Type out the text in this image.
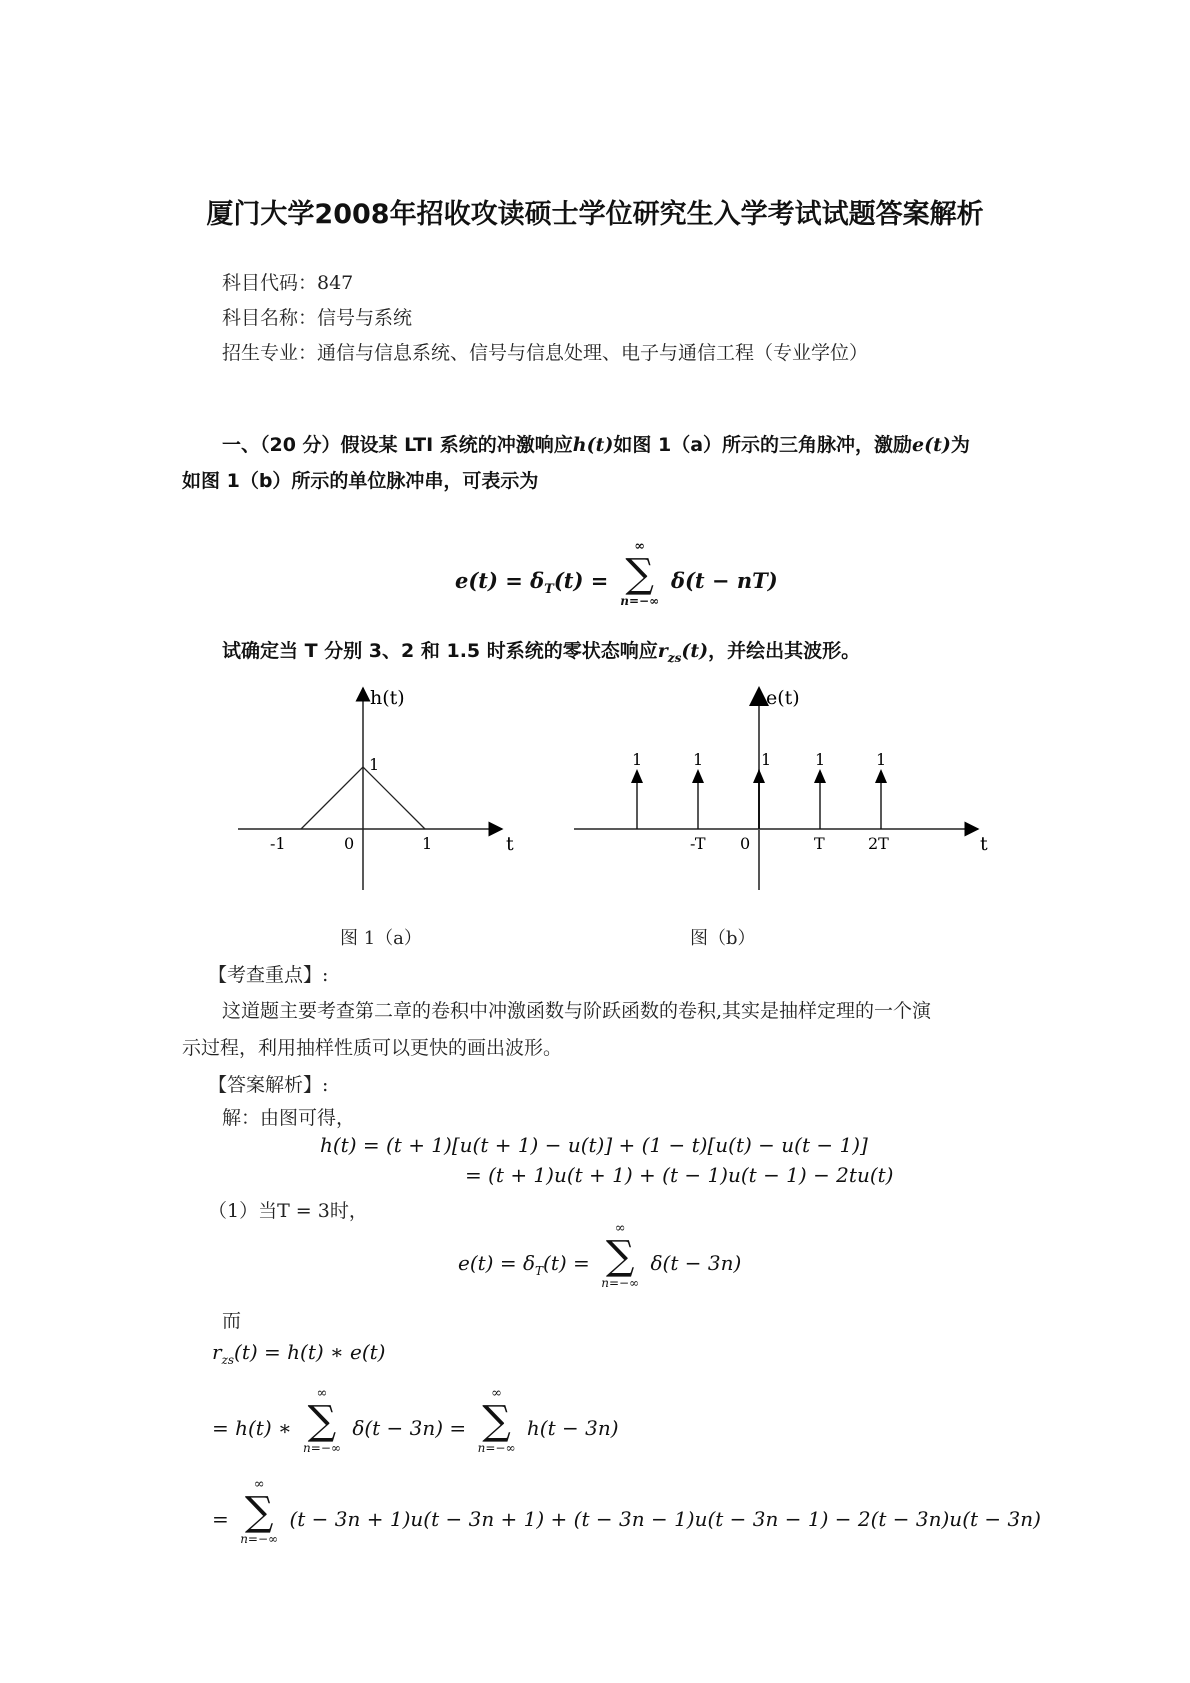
厦门大学2008年招收攻读硕士学位研究生入学考试试题答案解析
科目代码：847
科目名称：信号与系统
招生专业：通信与信息系统、信号与信息处理、电子与通信工程（专业学位）
一、（20 分）假设某 LTI 系统的冲激响应h(t)如图 1（a）所示的三角脉冲，激励e(t)为
如图 1（b）所示的单位脉冲串，可表示为
$e(t) = \delta_T(t)$ =
∞
∑
n=−∞
δ(t − nT)
试确定当 T 分别 3、2 和 1.5 时系统的零状态响应$r_{zs}(t)$，并绘出其波形。
h(t)
t
1
-1	0	1
图 1（a）
1	1	1	1	1
e(t)
t
-T 0	T	2T
图（b）
【考查重点】:
这道题主要考查第二章的卷积中冲激函数与阶跃函数的卷积,其实是抽样定理的一个演
示过程，利用抽样性质可以更快的画出波形。
【答案解析】:
解：由图可得，
h(t) = (t + 1)[u(t + 1) − u(t)] + (1 − t)[u(t) − u(t − 1)]
= (t + 1)u(t + 1) + (t − 1)u(t − 1) − 2tu(t)
（1）当T = 3时，
$e(t) = \delta_T(t)$ =
∞
∑
n=−∞
δ(t − 3n)
而
$r_{zs}(t) = h(t)$ ∗ e(t)
= h(t) ∗
∞
∑
n=−∞
δ(t − 3n) =
∞
∑
n=−∞
h(t − 3n)
=
∞
∑
n=−∞
(t − 3n + 1)u(t − 3n + 1) + (t − 3n − 1)u(t − 3n − 1) − 2(t − 3n)u(t − 3n)
